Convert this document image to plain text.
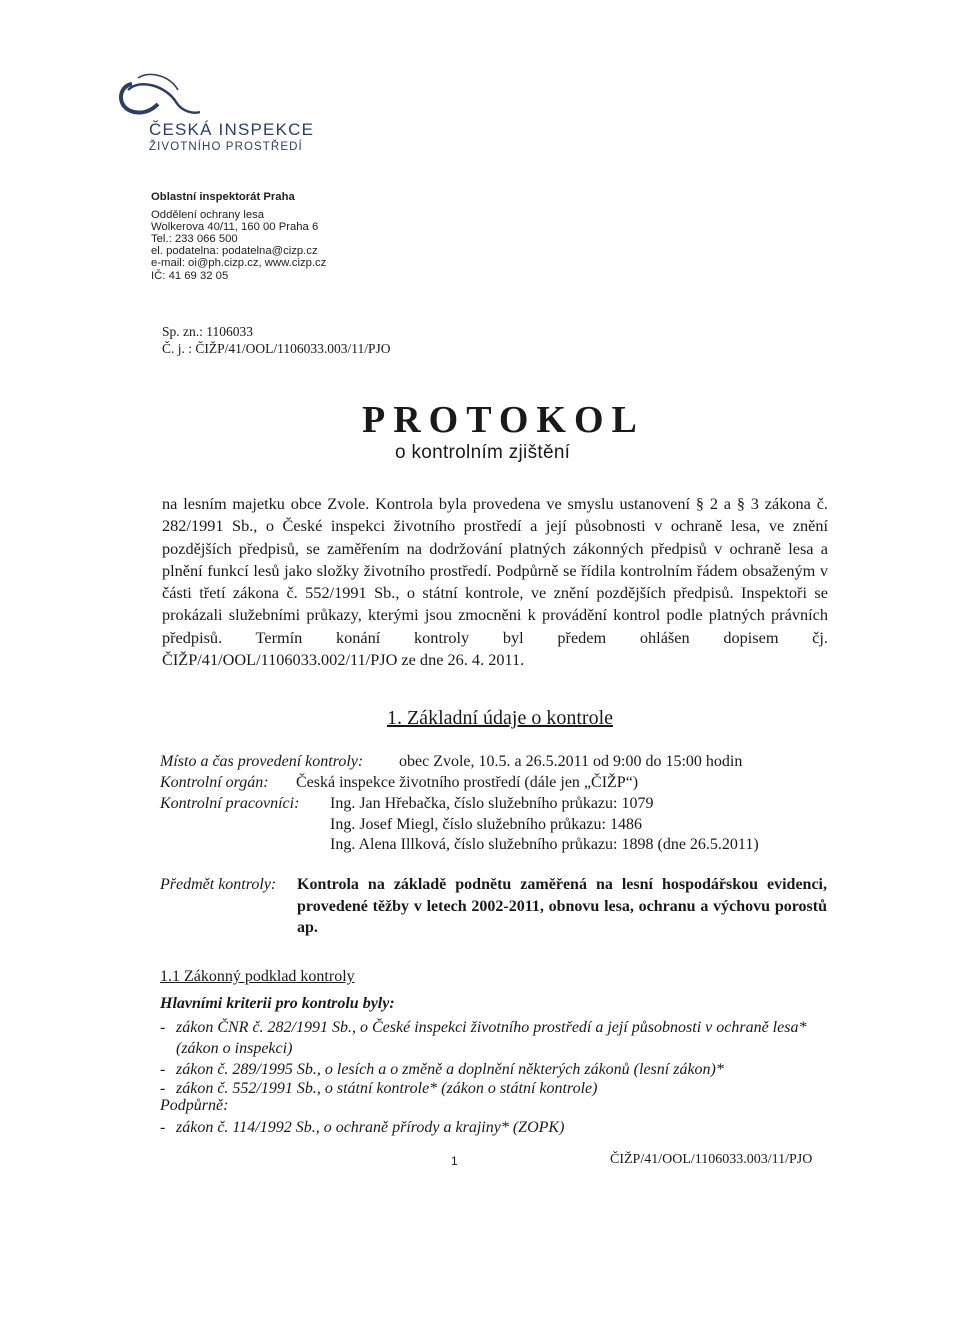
ČESKÁ INSPEKCE
ŽIVOTNÍHO PROSTŘEDÍ
Oblastní inspektorát Praha
Oddělení ochrany lesa
Wolkerova 40/11, 160 00 Praha 6
Tel.: 233 066 500
el. podatelna: podatelna@cizp.cz
e-mail: oi@ph.cizp.cz, www.cizp.cz
IČ: 41 69 32 05
Sp. zn.: 1106033
Č. j. : ČIŽP/41/OOL/1106033.003/11/PJO
PROTOKOL
o kontrolním zjištění

na lesním majetku obce Zvole. Kontrola byla provedena ve smyslu ustanovení § 2 a § 3 zákona č. 282/1991 Sb., o České inspekci životního prostředí a její působnosti v ochraně lesa, ve znění pozdějších předpisů, se zaměřením na dodržování platných zákonných předpisů v ochraně lesa a plnění funkcí lesů jako složky životního prostředí. Podpůrně se řídila kontrolním řádem obsaženým v části třetí zákona č. 552/1991 Sb., o státní kontrole, ve znění pozdějších předpisů. Inspektoři se prokázali služebními průkazy, kterými jsou zmocněni k provádění kontrol podle platných právních předpisů. Termín konání kontroly byl předem ohlášen dopisem čj. ČIŽP/41/OOL/1106033.002/11/PJO ze dne 26. 4. 2011.

1. Základní údaje o kontrole
Místo a čas provedení kontroly: obec Zvole, 10.5. a 26.5.2011 od 9:00 do 15:00 hodin
Kontrolní orgán: Česká inspekce životního prostředí (dále jen „ČIŽP“)
Kontrolní pracovníci: Ing. Jan Hřebačka, číslo služebního průkazu: 1079
Ing. Josef Miegl, číslo služebního průkazu: 1486
Ing. Alena Illková, číslo služebního průkazu: 1898 (dne 26.5.2011)
Předmět kontroly: Kontrola na základě podnětu zaměřená na lesní hospodářskou evidenci, provedené těžby v letech 2002-2011, obnovu lesa, ochranu a výchovu porostů ap.
1.1 Zákonný podklad kontroly
Hlavními kriterii pro kontrolu byly:
- zákon ČNR č. 282/1991 Sb., o České inspekci životního prostředí a její působnosti v ochraně lesa* (zákon o inspekci)
- zákon č. 289/1995 Sb., o lesích a o změně a doplnění některých zákonů (lesní zákon)*
- zákon č. 552/1991 Sb., o státní kontrole* (zákon o státní kontrole)
Podpůrně:
- zákon č. 114/1992 Sb., o ochraně přírody a krajiny* (ZOPK)
1	ČIŽP/41/OOL/1106033.003/11/PJO
